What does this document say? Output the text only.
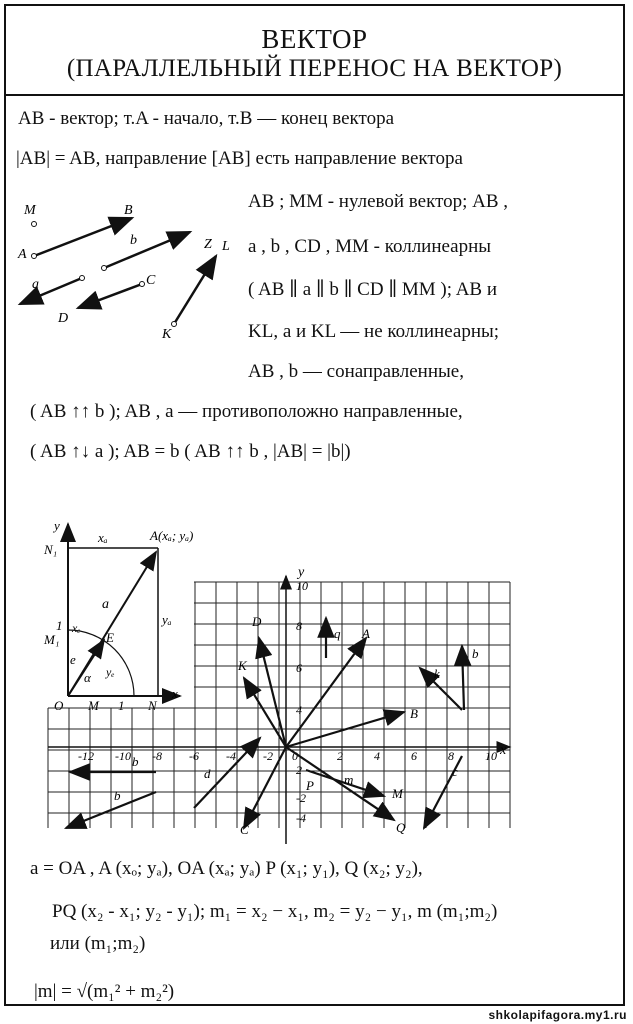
ВЕКТОР
(ПАРАЛЛЕЛЬНЫЙ ПЕРЕНОС НА ВЕКТОР)
AB - вектор; т.A - начало, т.B — конец вектора
|AB| = AB, направление [AB] есть направление вектора
AB ; MM - нулевой вектор; AB ,
a , b , CD , MM - коллинеарны
( AB ∥ a ∥ b ∥ CD ∥ MM ); AB и
KL, a и KL — не коллинеарны;
AB , b — сонаправленные,
( AB ↑↑ b ); AB , a — противоположно направленные,
( AB ↑↓ a ); AB = b ( AB ↑↑ b , |AB| = |b|)
M	B
A
b
a	C
D
Z L
K
y
x
N₁
M₁
xₐ	A(xₐ; yₐ)
a
yₐ
1 xₑ
E
e
yₑ
α
O M 1 N
y
x
10
8
6
4
2
-2
-4
-12 -10 -8 -6 -4 -2 0	2	4	6	8	10
D
q A
K
d
k
B
b
b
m
M
P
c
C	Q
b
a = OA , A (xₒ; yₐ), OA (xₐ; yₐ) P (x₁; y₁), Q (x₂; y₂),
PQ (x₂ - x₁; y₂ - y₁); m₁ = x₂ − x₁, m₂ = y₂ − y₁, m (m₁;m₂)
или (m₁;m₂)
|m| = √(m₁² + m₂²)
shkolapifagora.my1.ru
